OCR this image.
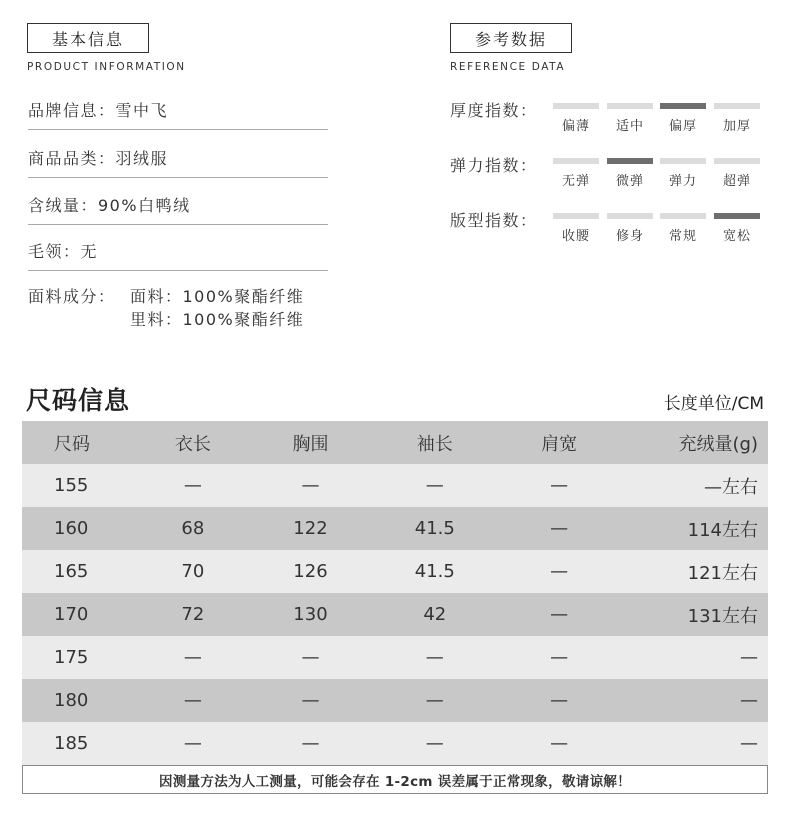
基本信息
PRODUCT INFORMATION
品牌信息：雪中飞
商品品类：羽绒服
含绒量：90%白鸭绒
毛领：无
面料成分： 面料：100%聚酯纤维
里料：100%聚酯纤维
参考数据
REFERENCE DATA
厚度指数：
偏薄	适中	偏厚	加厚
弹力指数：
无弹	微弹	弹力	超弹
版型指数：
收腰	修身	常规	宽松
尺码信息	长度单位/CM
尺码	衣长	胸围	袖长	肩宽	充绒量(g)
155	—	—	—	—	—左右
160	68	122	41.5	—	114左右
165	70	126	41.5	—	121左右
170	72	130	42	—	131左右
175	—	—	—	—	—
180	—	—	—	—	—
185	—	—	—	—	—
因测量方法为人工测量，可能会存在 1-2cm 误差属于正常现象，敬请谅解！
